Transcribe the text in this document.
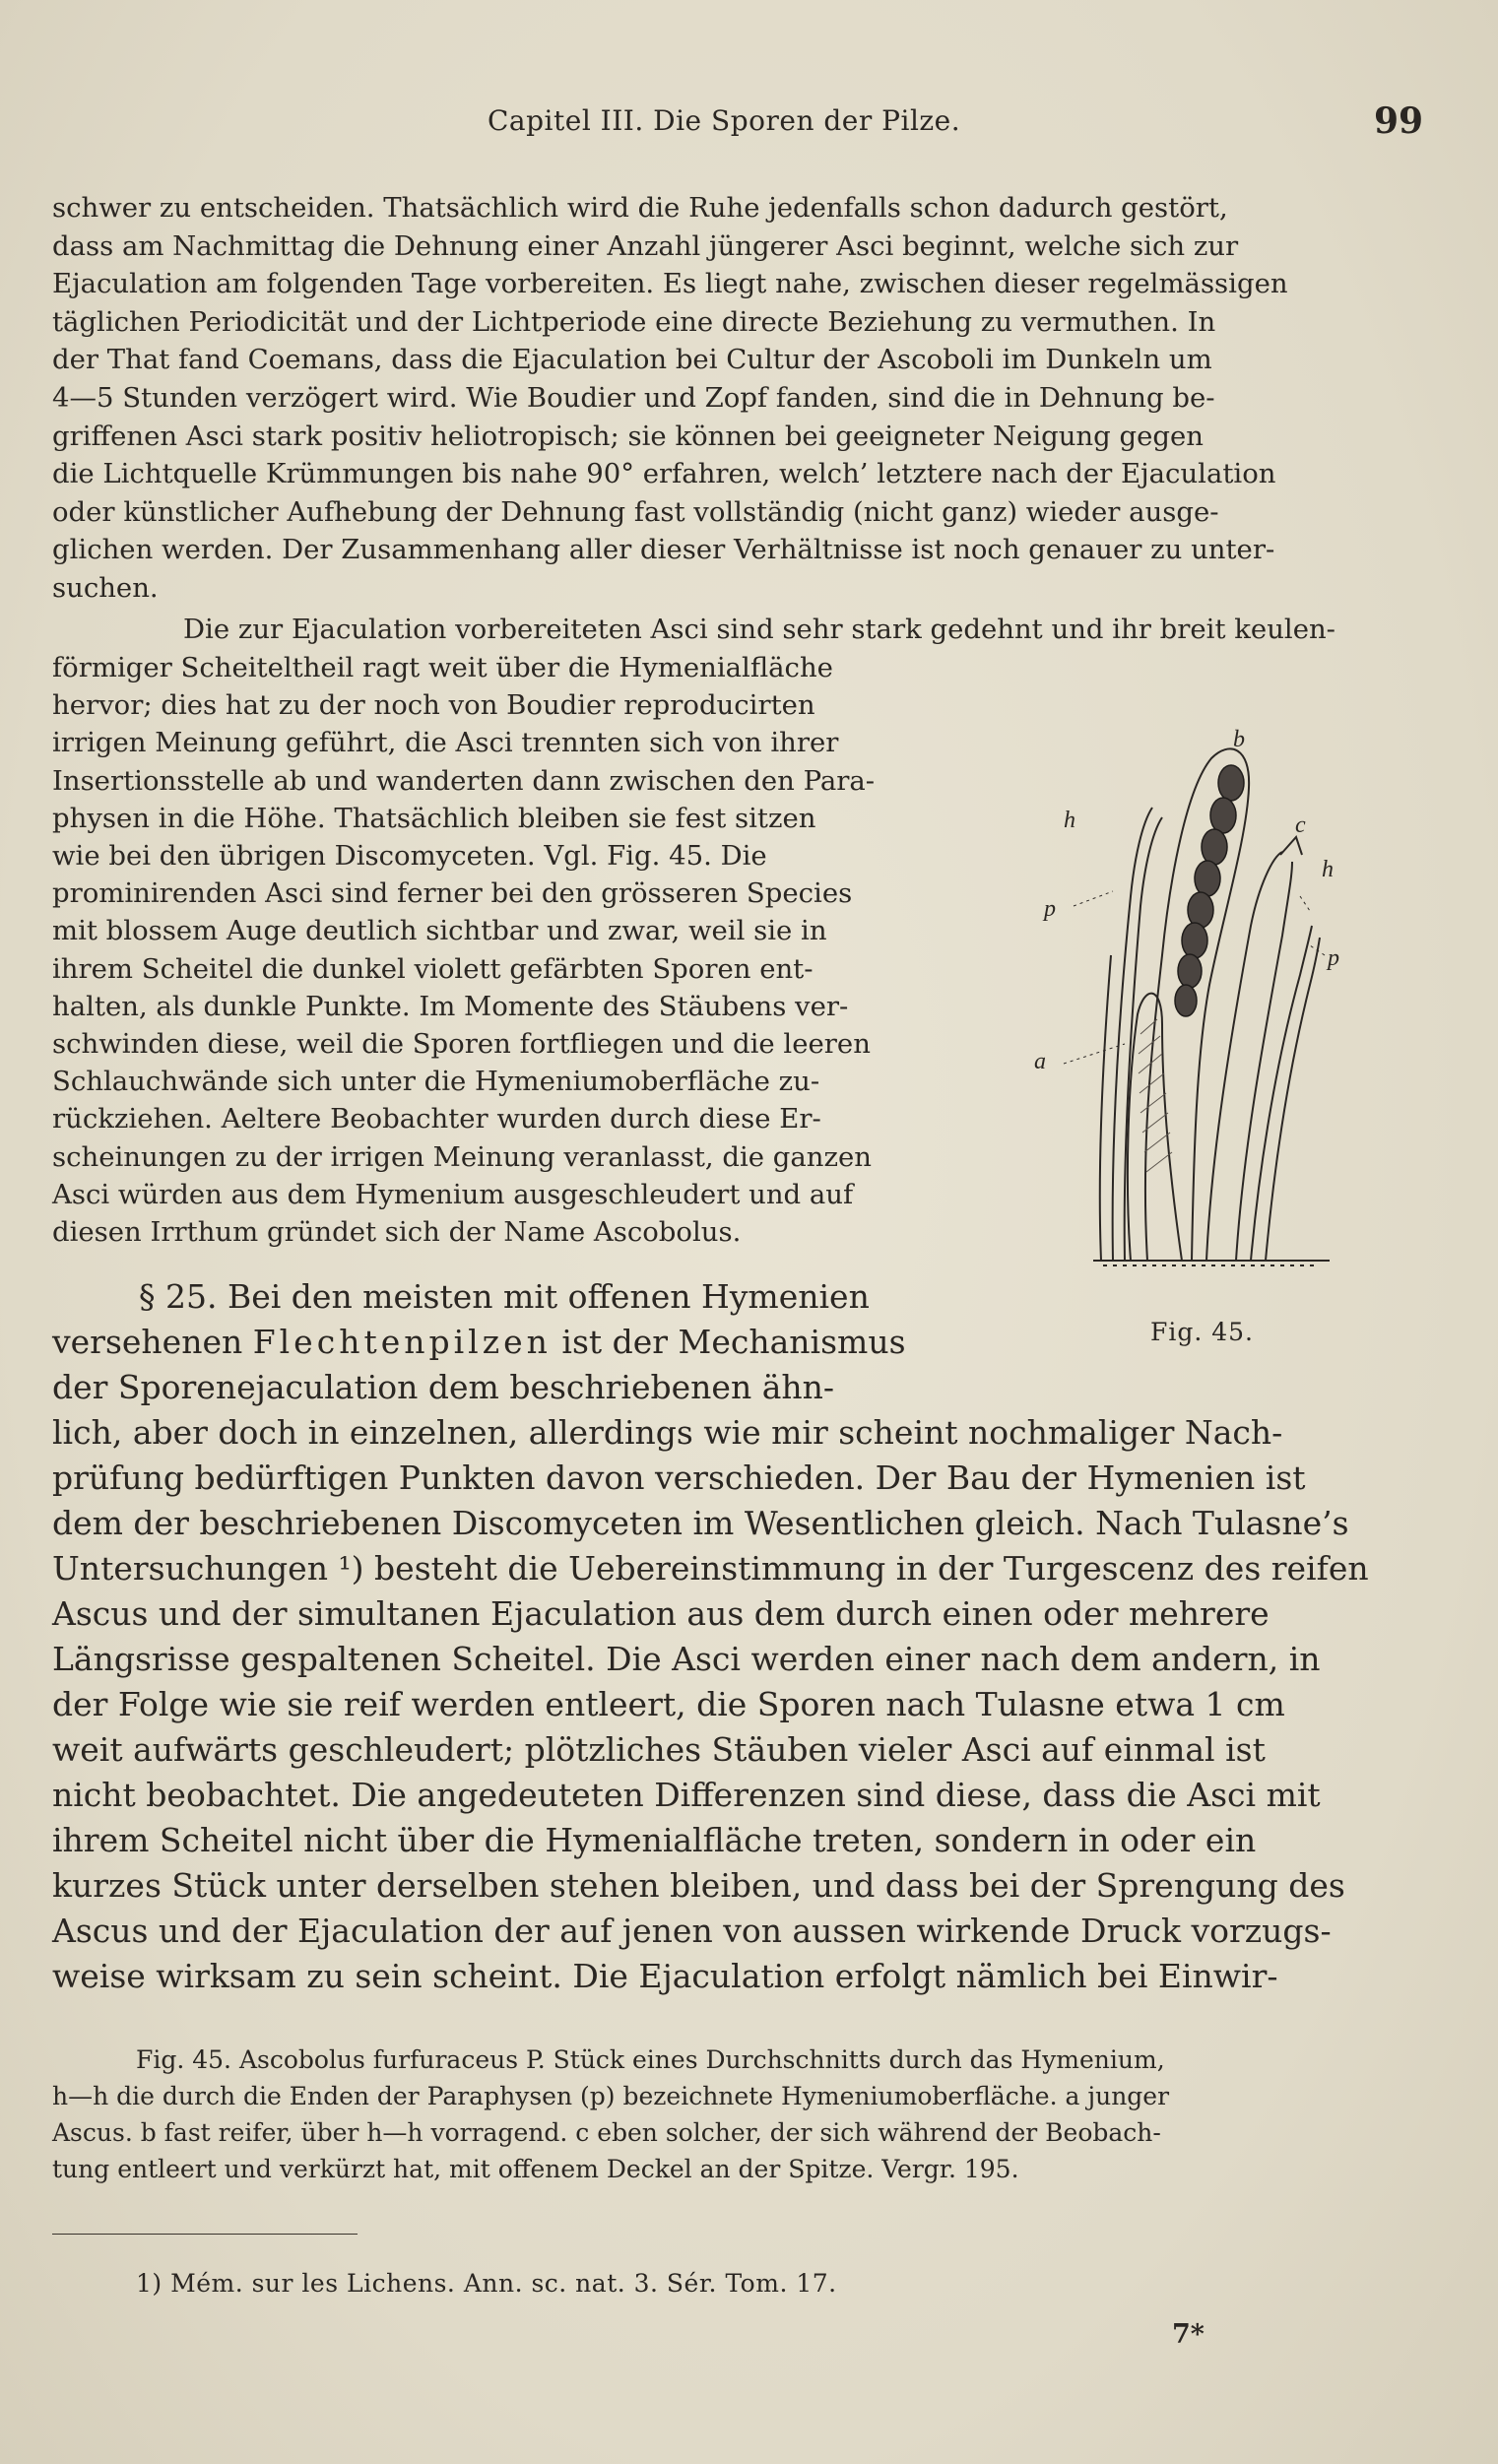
Capitel III. Die Sporen der Pilze.	99
schwer zu entscheiden. Thatsächlich wird die Ruhe jedenfalls schon dadurch gestört,
dass am Nachmittag die Dehnung einer Anzahl jüngerer Asci beginnt, welche sich zur
Ejaculation am folgenden Tage vorbereiten. Es liegt nahe, zwischen dieser regelmässigen
täglichen Periodicität und der Lichtperiode eine directe Beziehung zu vermuthen. In
der That fand Coemans, dass die Ejaculation bei Cultur der Ascoboli im Dunkeln um
4—5 Stunden verzögert wird. Wie Boudier und Zopf fanden, sind die in Dehnung be-
griffenen Asci stark positiv heliotropisch; sie können bei geeigneter Neigung gegen
die Lichtquelle Krümmungen bis nahe 90° erfahren, welch’ letztere nach der Ejaculation
oder künstlicher Aufhebung der Dehnung fast vollständig (nicht ganz) wieder ausge-
glichen werden. Der Zusammenhang aller dieser Verhältnisse ist noch genauer zu unter-
suchen.
Die zur Ejaculation vorbereiteten Asci sind sehr stark gedehnt und ihr breit keulen-
förmiger Scheiteltheil ragt weit über die Hymenialfläche
hervor; dies hat zu der noch von Boudier reproducirten
irrigen Meinung geführt, die Asci trennten sich von ihrer
Insertionsstelle ab und wanderten dann zwischen den Para-
physen in die Höhe. Thatsächlich bleiben sie fest sitzen
wie bei den übrigen Discomyceten. Vgl. Fig. 45. Die
prominirenden Asci sind ferner bei den grösseren Species
mit blossem Auge deutlich sichtbar und zwar, weil sie in
ihrem Scheitel die dunkel violett gefärbten Sporen ent-
halten, als dunkle Punkte. Im Momente des Stäubens ver-
schwinden diese, weil die Sporen fortfliegen und die leeren
Schlauchwände sich unter die Hymeniumoberfläche zu-
rückziehen. Aeltere Beobachter wurden durch diese Er-
scheinungen zu der irrigen Meinung veranlasst, die ganzen
Asci würden aus dem Hymenium ausgeschleudert und auf
diesen Irrthum gründet sich der Name Ascobolus.
b
h	c
h
p
p
a
Fig. 45.
§ 25. Bei den meisten mit offenen Hymenien
versehenen Flechtenpilzen ist der Mechanismus
der Sporenejaculation dem beschriebenen ähn-
lich, aber doch in einzelnen, allerdings wie mir scheint nochmaliger Nach-
prüfung bedürftigen Punkten davon verschieden. Der Bau der Hymenien ist
dem der beschriebenen Discomyceten im Wesentlichen gleich. Nach Tulasne’s
Untersuchungen ¹) besteht die Uebereinstimmung in der Turgescenz des reifen
Ascus und der simultanen Ejaculation aus dem durch einen oder mehrere
Längsrisse gespaltenen Scheitel. Die Asci werden einer nach dem andern, in
der Folge wie sie reif werden entleert, die Sporen nach Tulasne etwa 1 cm
weit aufwärts geschleudert; plötzliches Stäuben vieler Asci auf einmal ist
nicht beobachtet. Die angedeuteten Differenzen sind diese, dass die Asci mit
ihrem Scheitel nicht über die Hymenialfläche treten, sondern in oder ein
kurzes Stück unter derselben stehen bleiben, und dass bei der Sprengung des
Ascus und der Ejaculation der auf jenen von aussen wirkende Druck vorzugs-
weise wirksam zu sein scheint. Die Ejaculation erfolgt nämlich bei Einwir-
Fig. 45. Ascobolus furfuraceus P. Stück eines Durchschnitts durch das Hymenium,
h—h die durch die Enden der Paraphysen (p) bezeichnete Hymeniumoberfläche. a junger
Ascus. b fast reifer, über h—h vorragend. c eben solcher, der sich während der Beobach-
tung entleert und verkürzt hat, mit offenem Deckel an der Spitze. Vergr. 195.
1) Mém. sur les Lichens. Ann. sc. nat. 3. Sér. Tom. 17.
7*
